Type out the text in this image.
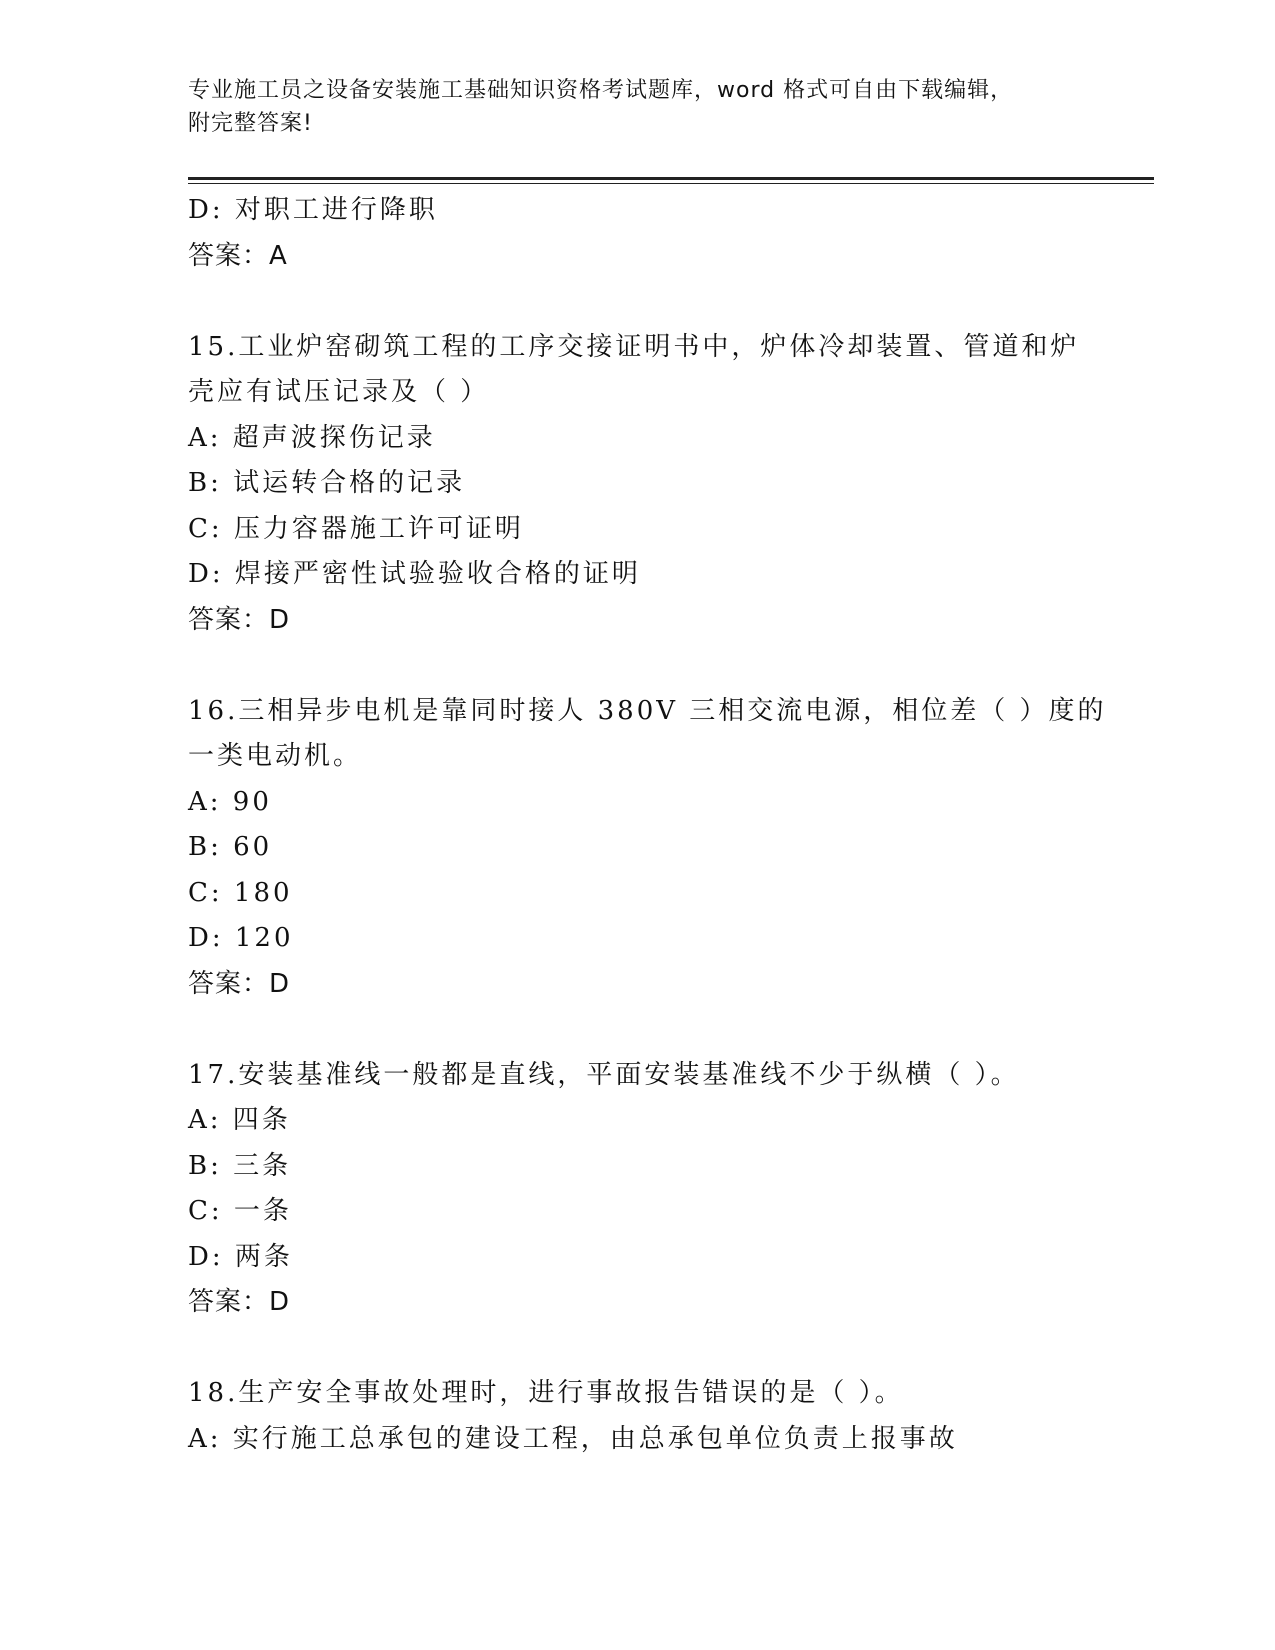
专业施工员之设备安装施工基础知识资格考试题库，word 格式可自由下载编辑，
附完整答案!
D: 对职工进行降职
答案：A
15.工业炉窑砌筑工程的工序交接证明书中，炉体冷却装置、管道和炉
壳应有试压记录及（ ）
A: 超声波探伤记录
B: 试运转合格的记录
C: 压力容器施工许可证明
D: 焊接严密性试验验收合格的证明
答案：D
16.三相异步电机是靠同时接人 380V 三相交流电源，相位差（ ）度的
一类电动机。
A: 90
B: 60
C: 180
D: 120
答案：D
17.安装基准线一般都是直线，平面安装基准线不少于纵横（ ）。
A: 四条
B: 三条
C: 一条
D: 两条
答案：D
18.生产安全事故处理时，进行事故报告错误的是（ ）。
A: 实行施工总承包的建设工程，由总承包单位负责上报事故
